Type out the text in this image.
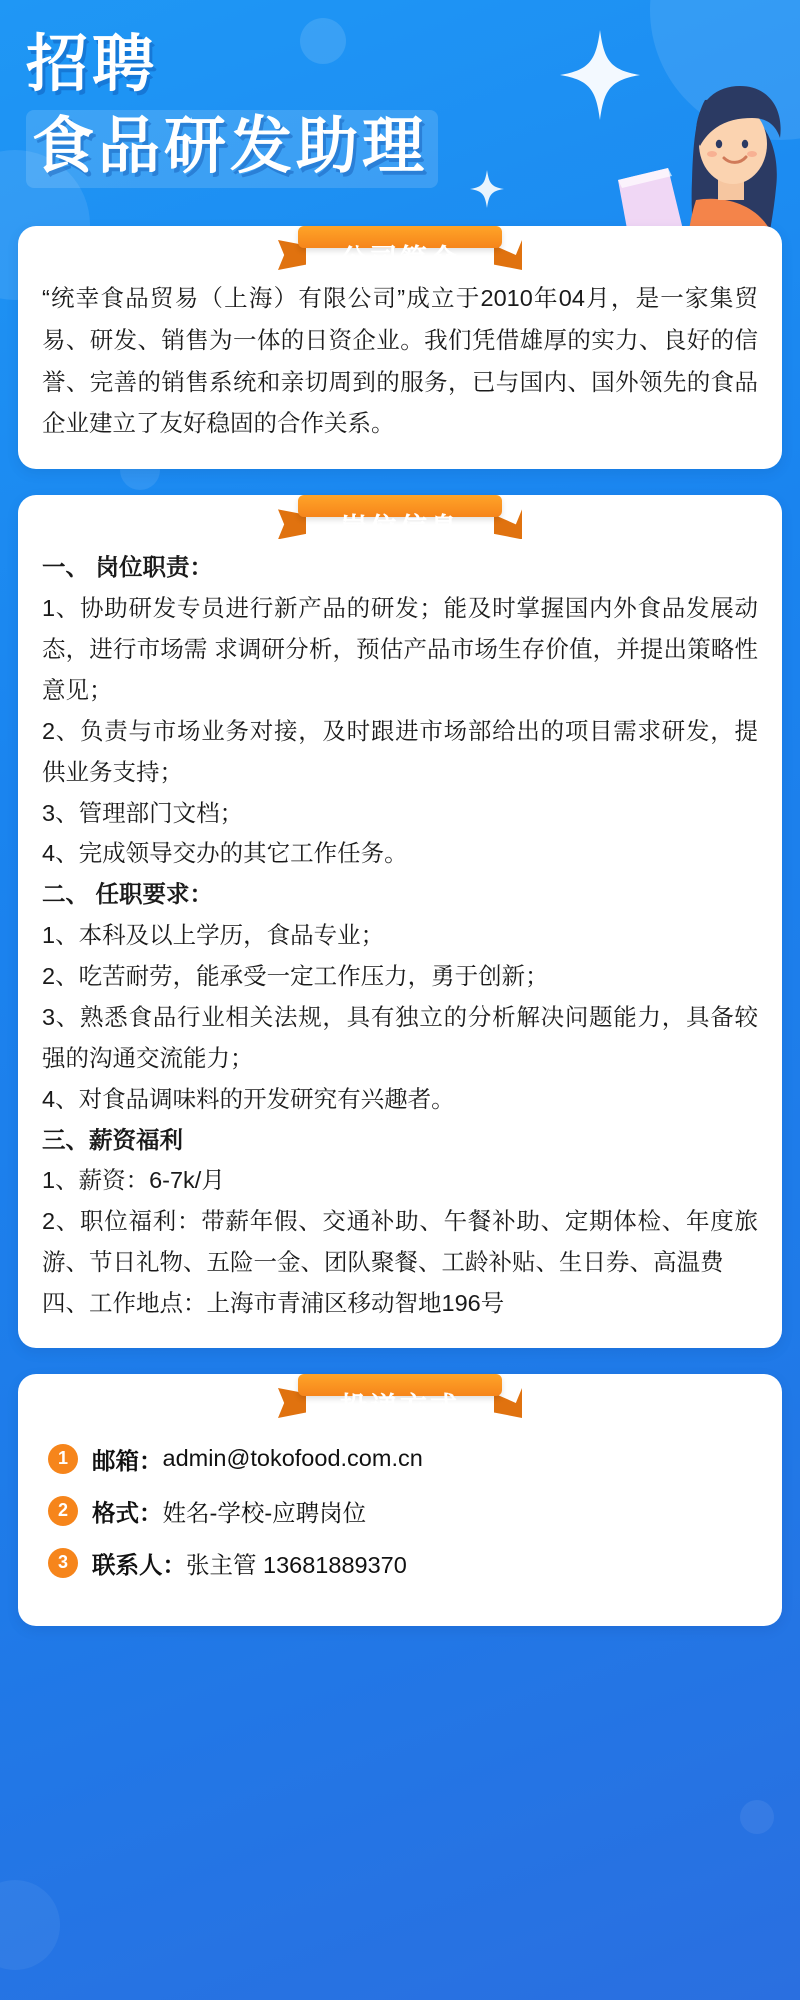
招聘
食品研发助理
公司简介

“统幸食品贸易（上海）有限公司”成立于2010年04月，是一家集贸易、研发、销售为一体的日资企业。我们凭借雄厚的实力、良好的信誉、完善的销售系统和亲切周到的服务，已与国内、国外领先的食品企业建立了友好稳固的合作关系。

一、 岗位职责：

1、协助研发专员进行新产品的研发；能及时掌握国内外食品发展动态，进行市场需 求调研分析，预估产品市场生存价值，并提出策略性意见；

2、负责与市场业务对接，及时跟进市场部给出的项目需求研发，提供业务支持；

3、管理部门文档；

4、完成领导交办的其它工作任务。

二、 任职要求：

1、本科及以上学历，食品专业；

2、吃苦耐劳，能承受一定工作压力，勇于创新；

3、熟悉食品行业相关法规，具有独立的分析解决问题能力，具备较强的沟通交流能力；

4、对食品调味料的开发研究有兴趣者。

三、薪资福利

1、薪资：6-7k/月

2、职位福利：带薪年假、交通补助、午餐补助、定期体检、年度旅游、节日礼物、五险一金、团队聚餐、工龄补贴、生日券、高温费

四、工作地点：上海市青浦区移动智地196号

投递方式
1	邮箱： admin@tokofood.com.cn
2	格式： 姓名-学校-应聘岗位
3	联系人： 张主管 13681889370
